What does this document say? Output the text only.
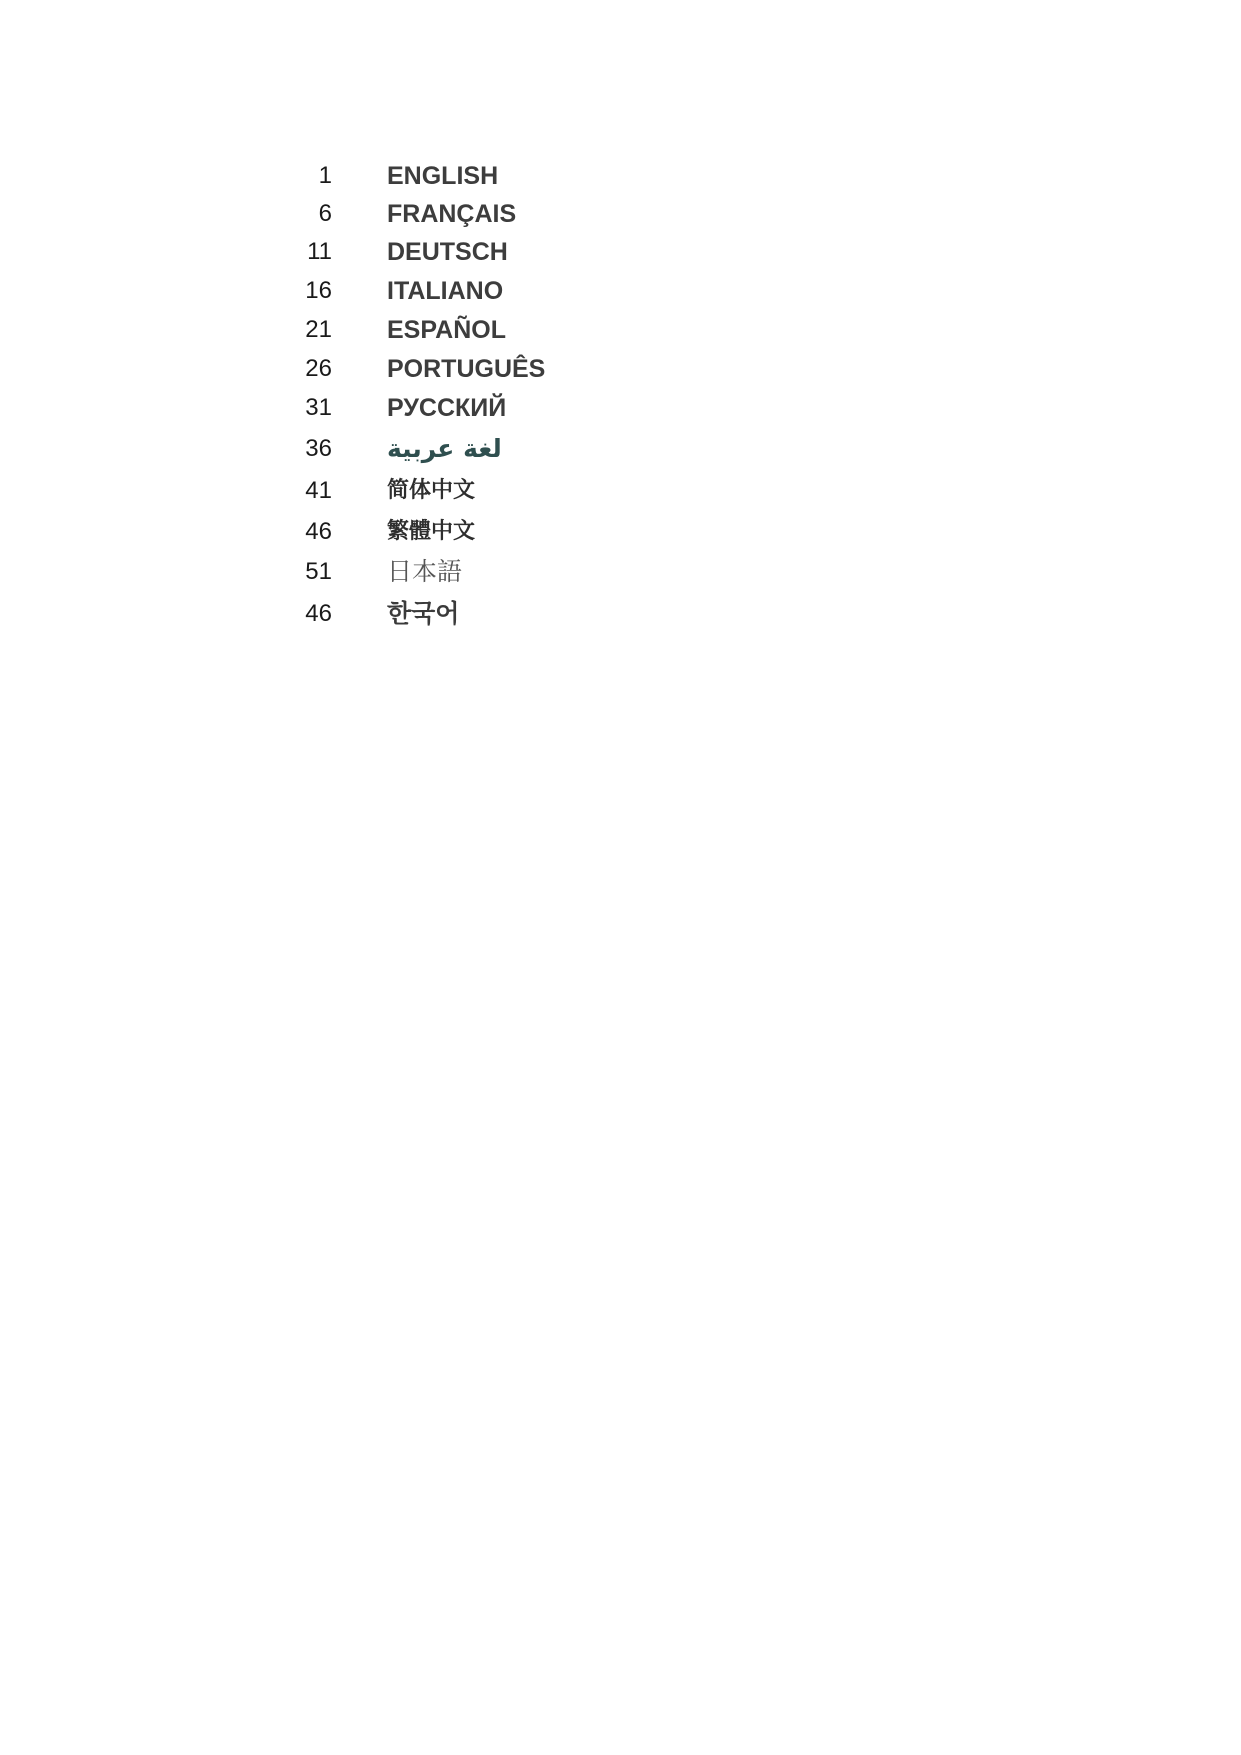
1 ENGLISH
6 FRANÇAIS
11 DEUTSCH
16 ITALIANO
21 ESPAÑOL
26 PORTUGUÊS
31 РУССКИЙ
36 لغة عربية
41	简体中文
46	繁體中文
51 日本語
46 한국어
